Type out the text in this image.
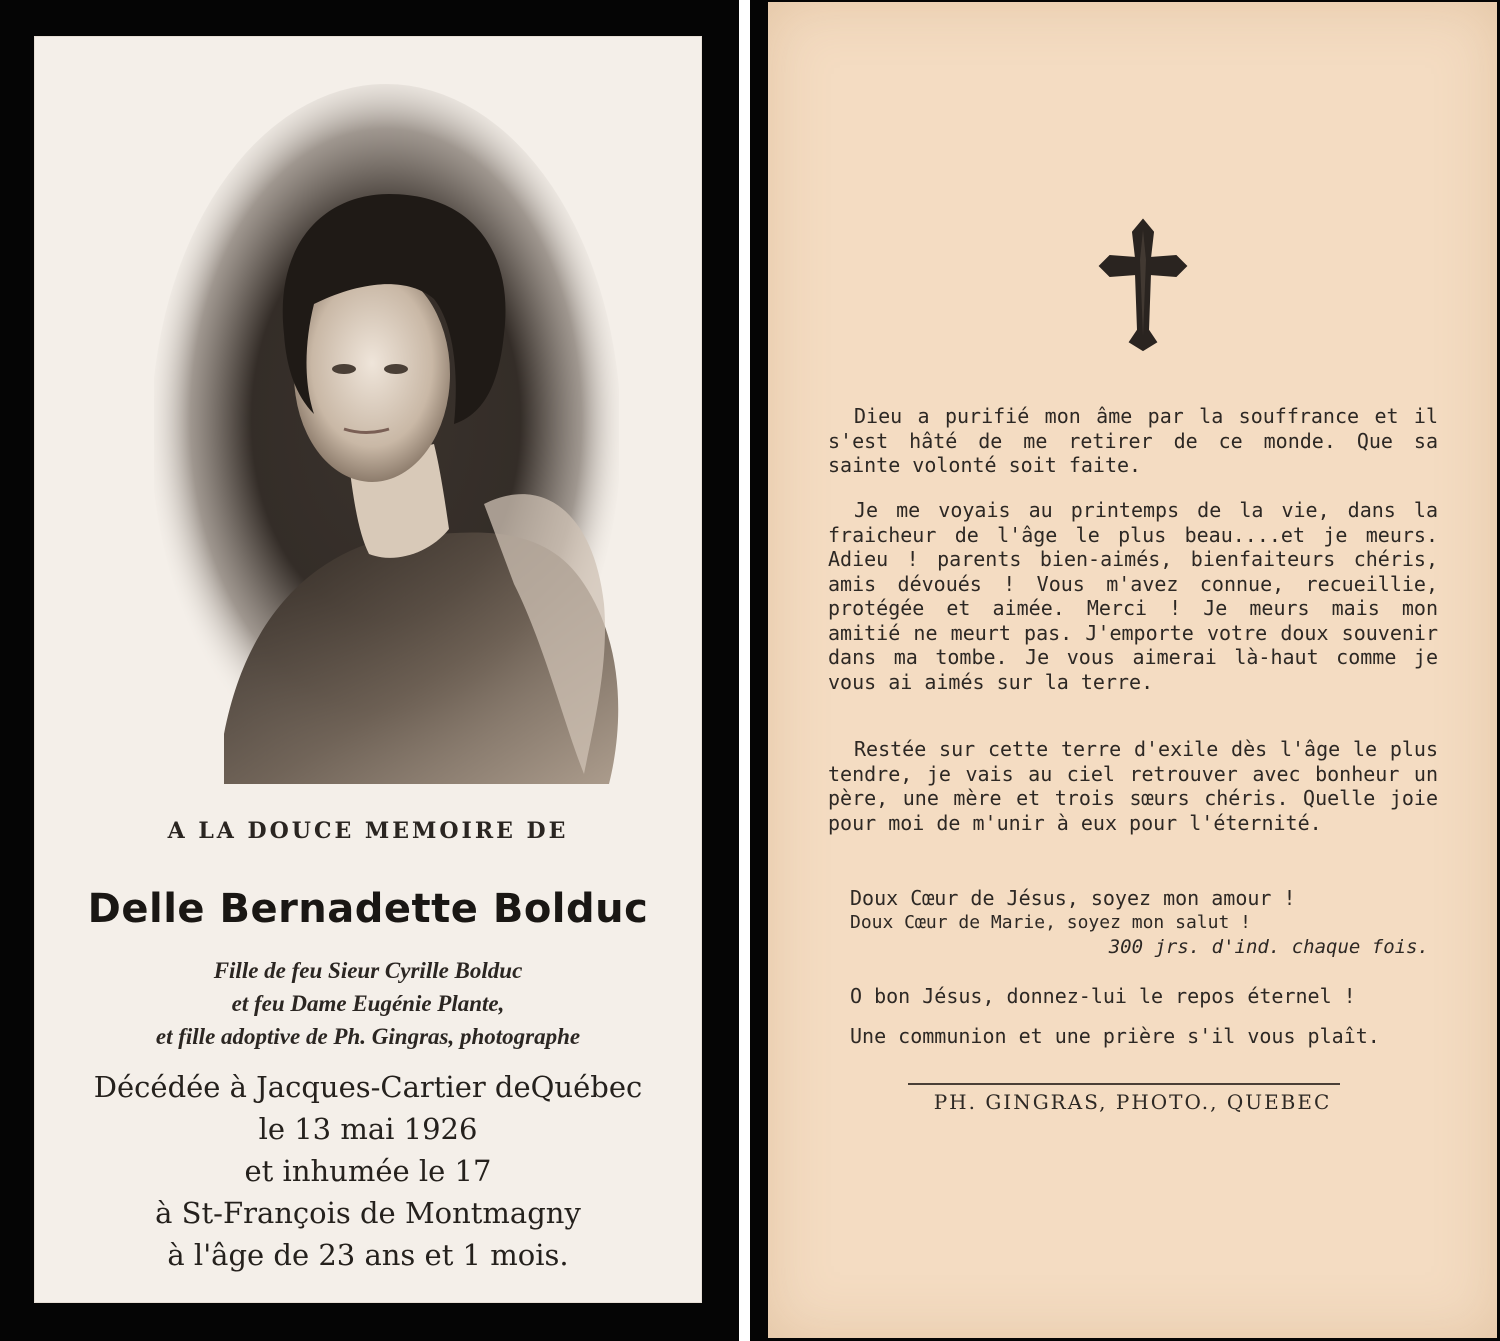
A LA DOUCE MEMOIRE DE
Delle Bernadette Bolduc
Fille de feu Sieur Cyrille Bolduc
et feu Dame Eugénie Plante,
et fille adoptive de Ph. Gingras, photographe
Décédée à Jacques-Cartier deQuébec
le 13 mai 1926
et inhumée le 17
à St-François de Montmagny
à l'âge de 23 ans et 1 mois.
Dieu a purifié mon âme par la souffrance et il s'est hâté de me retirer de ce monde. Que sa sainte volonté soit faite.
Je me voyais au printemps de la vie, dans la fraicheur de l'âge le plus beau....et je meurs. Adieu ! parents bien-aimés, bienfaiteurs chéris, amis dévoués ! Vous m'avez connue, recueillie, protégée et aimée. Merci ! Je meurs mais mon amitié ne meurt pas. J'emporte votre doux souvenir dans ma tombe. Je vous aimerai là-haut comme je vous ai aimés sur la terre.
Restée sur cette terre d'exile dès l'âge le plus tendre, je vais au ciel retrouver avec bonheur un père, une mère et trois sœurs chéris. Quelle joie pour moi de m'unir à eux pour l'éternité.
Doux Cœur de Jésus, soyez mon amour !
Doux Cœur de Marie, soyez mon salut !
300 jrs. d'ind. chaque fois.
O bon Jésus, donnez-lui le repos éternel !
Une communion et une prière s'il vous plaît.
PH. GINGRAS, PHOTO., QUEBEC
